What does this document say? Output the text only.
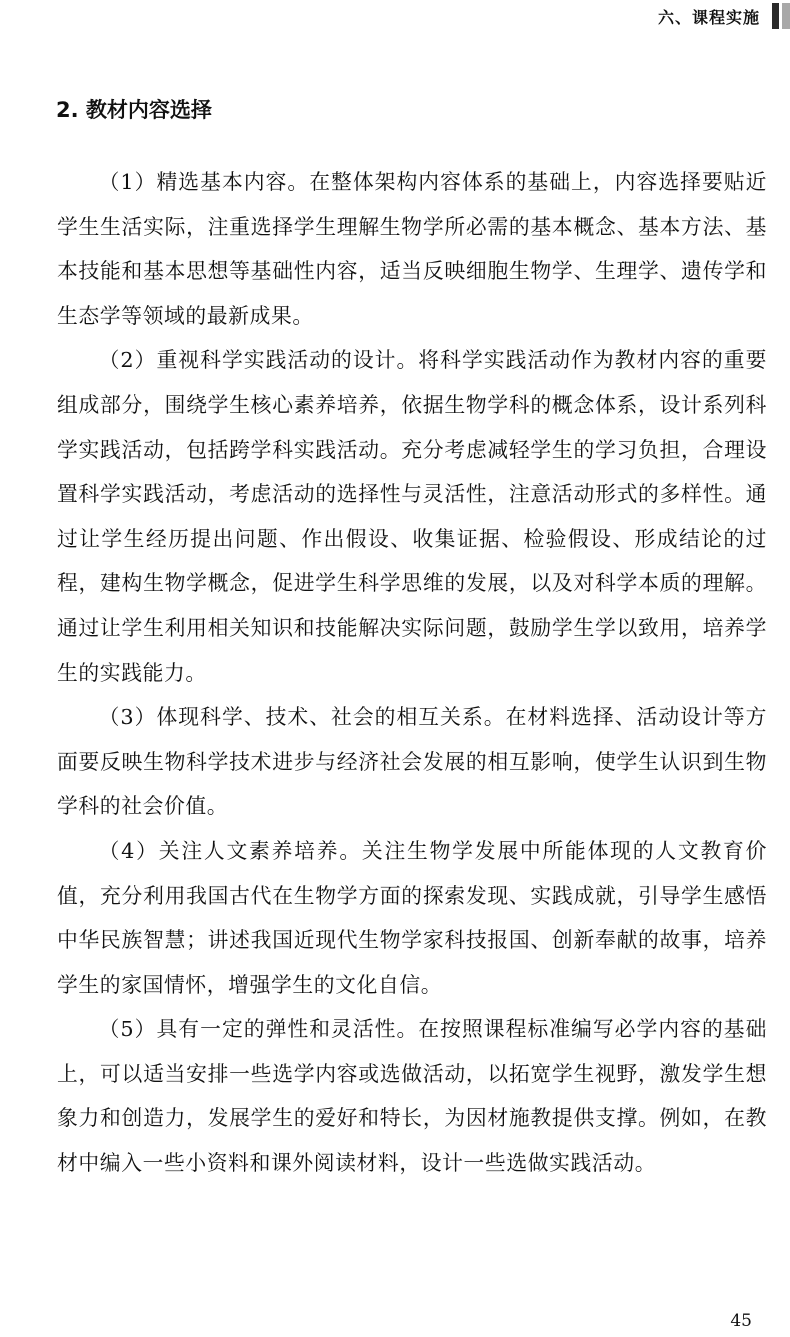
六、课程实施
2. 教材内容选择

（1）精选基本内容。在整体架构内容体系的基础上，内容选择要贴近学生生活实际，注重选择学生理解生物学所必需的基本概念、基本方法、基本技能和基本思想等基础性内容，适当反映细胞生物学、生理学、遗传学和生态学等领域的最新成果。

（2）重视科学实践活动的设计。将科学实践活动作为教材内容的重要组成部分，围绕学生核心素养培养，依据生物学科的概念体系，设计系列科学实践活动，包括跨学科实践活动。充分考虑减轻学生的学习负担，合理设置科学实践活动，考虑活动的选择性与灵活性，注意活动形式的多样性。通过让学生经历提出问题、作出假设、收集证据、检验假设、形成结论的过程，建构生物学概念，促进学生科学思维的发展，以及对科学本质的理解。通过让学生利用相关知识和技能解决实际问题，鼓励学生学以致用，培养学生的实践能力。

（3）体现科学、技术、社会的相互关系。在材料选择、活动设计等方面要反映生物科学技术进步与经济社会发展的相互影响，使学生认识到生物学科的社会价值。

（4）关注人文素养培养。关注生物学发展中所能体现的人文教育价值，充分利用我国古代在生物学方面的探索发现、实践成就，引导学生感悟中华民族智慧；讲述我国近现代生物学家科技报国、创新奉献的故事，培养学生的家国情怀，增强学生的文化自信。

（5）具有一定的弹性和灵活性。在按照课程标准编写必学内容的基础上，可以适当安排一些选学内容或选做活动，以拓宽学生视野，激发学生想象力和创造力，发展学生的爱好和特长，为因材施教提供支撑。例如，在教材中编入一些小资料和课外阅读材料，设计一些选做实践活动。

45
